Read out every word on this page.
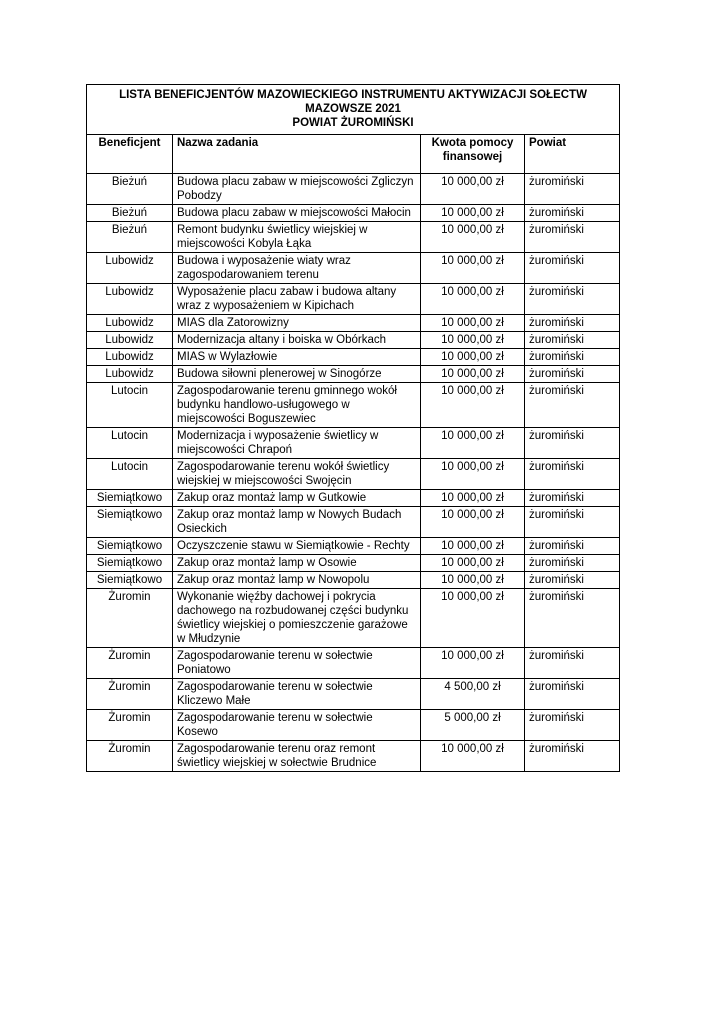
LISTA BENEFICJENTÓW MAZOWIECKIEGO INSTRUMENTU AKTYWIZACJI SOŁECTW
MAZOWSZE 2021
POWIAT ŻUROMIŃSKI			

Beneficjent	Nazwa zadania	Kwota pomocy finansowej	Powiat
Bieżuń	Budowa placu zabaw w miejscowości Zgliczyn Pobodzy	10 000,00 zł	żuromiński
Bieżuń	Budowa placu zabaw w miejscowości Małocin	10 000,00 zł	żuromiński
Bieżuń	Remont budynku świetlicy wiejskiej w miejscowości Kobyla Łąka	10 000,00 zł	żuromiński
Lubowidz	Budowa i wyposażenie wiaty wraz zagospodarowaniem terenu	10 000,00 zł	żuromiński
Lubowidz	Wyposażenie placu zabaw i budowa altany wraz z wyposażeniem w Kipichach	10 000,00 zł	żuromiński
Lubowidz	MIAS dla Zatorowizny	10 000,00 zł	żuromiński
Lubowidz	Modernizacja altany i boiska w Obórkach	10 000,00 zł	żuromiński
Lubowidz	MIAS w Wylazłowie	10 000,00 zł	żuromiński
Lubowidz	Budowa siłowni plenerowej w Sinogórze	10 000,00 zł	żuromiński
Lutocin	Zagospodarowanie terenu gminnego wokół budynku handlowo-usługowego w miejscowości Boguszewiec	10 000,00 zł	żuromiński
Lutocin	Modernizacja i wyposażenie świetlicy w miejscowości Chrapoń	10 000,00 zł	żuromiński
Lutocin	Zagospodarowanie terenu wokół świetlicy wiejskiej w miejscowości Swojęcin	10 000,00 zł	żuromiński
Siemiątkowo	Zakup oraz montaż lamp w Gutkowie	10 000,00 zł	żuromiński
Siemiątkowo	Zakup oraz montaż lamp w Nowych Budach Osieckich	10 000,00 zł	żuromiński
Siemiątkowo	Oczyszczenie stawu w Siemiątkowie - Rechty	10 000,00 zł	żuromiński
Siemiątkowo	Zakup oraz montaż lamp w Osowie	10 000,00 zł	żuromiński
Siemiątkowo	Zakup oraz montaż lamp w Nowopolu	10 000,00 zł	żuromiński
Żuromin	Wykonanie więźby dachowej i pokrycia dachowego na rozbudowanej części budynku świetlicy wiejskiej o pomieszczenie garażowe w Młudzynie	10 000,00 zł	żuromiński
Żuromin	Zagospodarowanie terenu w sołectwie Poniatowo	10 000,00 zł	żuromiński
Żuromin	Zagospodarowanie terenu w sołectwie Kliczewo Małe	4 500,00 zł	żuromiński
Żuromin	Zagospodarowanie terenu w sołectwie Kosewo	5 000,00 zł	żuromiński
Żuromin	Zagospodarowanie terenu oraz remont świetlicy wiejskiej w sołectwie Brudnice	10 000,00 zł	żuromiński
